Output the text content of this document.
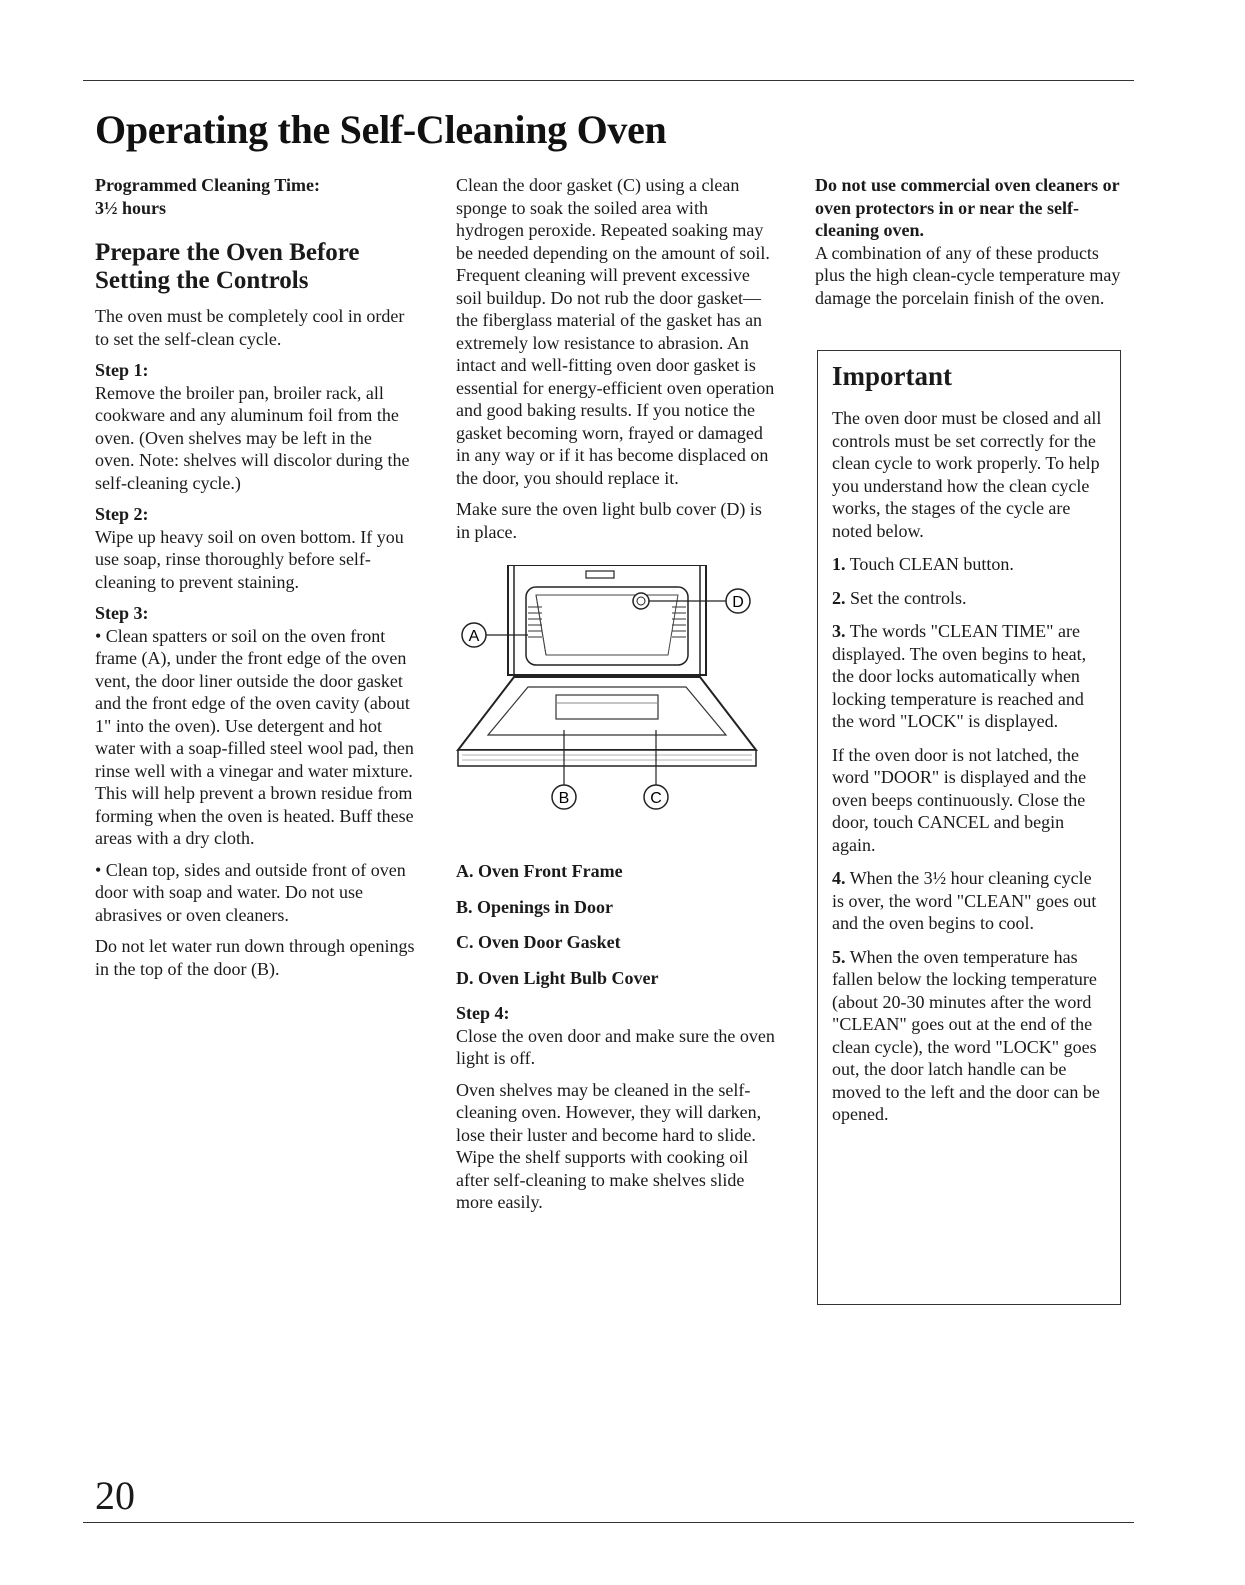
Operating the Self-Cleaning Oven

Programmed Cleaning Time:

3½ hours

Prepare the Oven Before Setting the Controls

The oven must be completely cool in order to set the self-clean cycle.

Step 1:

Remove the broiler pan, broiler rack, all cookware and any aluminum foil from the oven. (Oven shelves may be left in the oven. Note: shelves will discolor during the self-cleaning cycle.)

Step 2:

Wipe up heavy soil on oven bottom. If you use soap, rinse thoroughly before self-cleaning to prevent staining.

Step 3:

• Clean spatters or soil on the oven front frame (A), under the front edge of the oven vent, the door liner outside the door gasket and the front edge of the oven cavity (about 1" into the oven). Use detergent and hot water with a soap-filled steel wool pad, then rinse well with a vinegar and water mixture. This will help prevent a brown residue from forming when the oven is heated. Buff these areas with a dry cloth.

• Clean top, sides and outside front of oven door with soap and water. Do not use abrasives or oven cleaners.

Do not let water run down through openings in the top of the door (B).

Clean the door gasket (C) using a clean sponge to soak the soiled area with hydrogen peroxide. Repeated soaking may be needed depending on the amount of soil. Frequent cleaning will prevent excessive soil buildup. Do not rub the door gasket—the fiberglass material of the gasket has an extremely low resistance to abrasion. An intact and well-fitting oven door gasket is essential for energy-efficient oven operation and good baking results. If you notice the gasket becoming worn, frayed or damaged in any way or if it has become displaced on the door, you should replace it.

Make sure the oven light bulb cover (D) is in place.

A
D
B	C

A. Oven Front Frame

B. Openings in Door

C. Oven Door Gasket

D. Oven Light Bulb Cover

Step 4:

Close the oven door and make sure the oven light is off.

Oven shelves may be cleaned in the self-cleaning oven. However, they will darken, lose their luster and become hard to slide. Wipe the shelf supports with cooking oil after self-cleaning to make shelves slide more easily.

Do not use commercial oven cleaners or oven protectors in or near the self-cleaning oven.

A combination of any of these products plus the high clean-cycle temperature may damage the porcelain finish of the oven.

Important

The oven door must be closed and all controls must be set correctly for the clean cycle to work properly. To help you understand how the clean cycle works, the stages of the cycle are noted below.

1. Touch CLEAN button.

2. Set the controls.

3. The words "CLEAN TIME" are displayed. The oven begins to heat, the door locks automatically when locking temperature is reached and the word "LOCK" is displayed.

If the oven door is not latched, the word "DOOR" is displayed and the oven beeps continuously. Close the door, touch CANCEL and begin again.

4. When the 3½ hour cleaning cycle is over, the word "CLEAN" goes out and the oven begins to cool.

5. When the oven temperature has fallen below the locking temperature (about 20-30 minutes after the word "CLEAN" goes out at the end of the clean cycle), the word "LOCK" goes out, the door latch handle can be moved to the left and the door can be opened.

20
